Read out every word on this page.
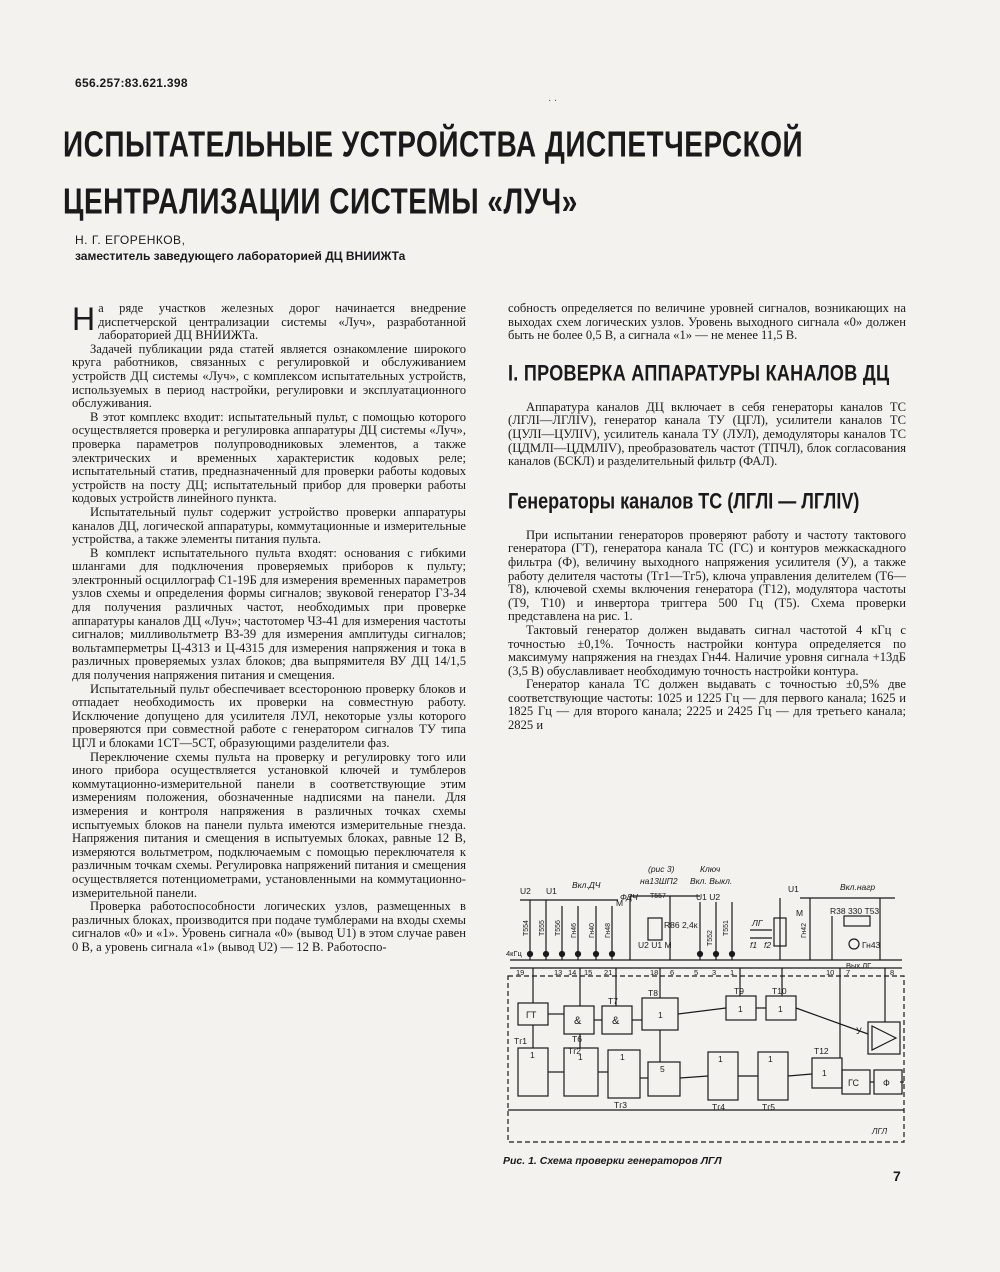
656.257:83.621.398
· ·
ИСПЫТАТЕЛЬНЫЕ УСТРОЙСТВА ДИСПЕТЧЕРСКОЙ
ЦЕНТРАЛИЗАЦИИ СИСТЕМЫ «ЛУЧ»
Н. Г. ЕГОРЕНКОВ,
заместитель заведующего лабораторией ДЦ ВНИИЖТа

На ряде участков железных дорог начинается внедрение диспетчерской централизации системы «Луч», разработанной лабораторией ДЦ ВНИИЖТа.

Задачей публикации ряда статей является ознакомление широкого круга работников, связанных с регулировкой и обслуживанием устройств ДЦ системы «Луч», с комплексом испытательных устройств, используемых в период настройки, регулировки и эксплуатационного обслуживания.

В этот комплекс входит: испытательный пульт, с помощью которого осуществляется проверка и регулировка аппаратуры ДЦ системы «Луч», проверка параметров полупроводниковых элементов, а также электрических и временных характеристик кодовых реле; испытательный статив, предназначенный для проверки работы кодовых устройств на посту ДЦ; испытательный прибор для проверки работы кодовых устройств линейного пункта.

Испытательный пульт содержит устройство проверки аппаратуры каналов ДЦ, логической аппаратуры, коммутационные и измерительные устройства, а также элементы питания пульта.

В комплект испытательного пульта входят: основания с гибкими шлангами для подключения проверяемых приборов к пульту; электронный осциллограф С1-19Б для измерения временных параметров узлов схемы и определения формы сигналов; звуковой генератор ГЗ-34 для получения различных частот, необходимых при проверке аппаратуры каналов ДЦ «Луч»; частотомер ЧЗ-41 для измерения частоты сигналов; милливольтметр ВЗ-39 для измерения амплитуды сигналов; вольтамперметры Ц-4313 и Ц-4315 для измерения напряжения и тока в различных проверяемых узлах блоков; два выпрямителя ВУ ДЦ 14/1,5 для получения напряжения питания и смещения.

Испытательный пульт обеспечивает всесторонюю проверку блоков и отпадает необходимость их проверки на совместную работу. Исключение допущено для усилителя ЛУЛ, некоторые узлы которого проверяются при совместной работе с генератором сигналов ТУ типа ЦГЛ и блоками 1СТ—5СТ, образующими разделители фаз.

Переключение схемы пульта на проверку и регулировку того или иного прибора осуществляется установкой ключей и тумблеров коммутационно-измерительной панели в соответствующие этим измерениям положения, обозначенные надписями на панели. Для измерения и контроля напряжения в различных точках схемы испытуемых блоков на панели пульта имеются измерительные гнезда. Напряжения питания и смещения в испытуемых блоках, равные 12 В, измеряются вольтметром, подключаемым с помощью переключателя к различным точкам схемы. Регулировка напряжений питания и смещения осуществляется потенциометрами, установленными на коммутационно-измерительной панели.

Проверка работоспособности логических узлов, размещенных в различных блоках, производится при подаче тумблерами на входы схемы сигналов «0» и «1». Уровень сигнала «0» (вывод U1) в этом случае равен 0 В, а уровень сигнала «1» (вывод U2) — 12 В. Работоспо-

собность определяется по величине уровней сигналов, возникающих на выходах схем логических узлов. Уровень выходного сигнала «0» должен быть не более 0,5 В, а сигнала «1» — не менее 11,5 В.

I. ПРОВЕРКА АППАРАТУРЫ КАНАЛОВ ДЦ

Аппаратура каналов ДЦ включает в себя генераторы каналов ТС (ЛГЛI—ЛГЛIV), генератор канала ТУ (ЦГЛ), усилители каналов ТС (ЦУЛI—ЦУЛIV), усилитель канала ТУ (ЛУЛ), демодуляторы каналов ТС (ЦДМЛI—ЦДМЛIV), преобразователь частот (ТПЧЛ), блок согласования каналов (БСКЛ) и разделительный фильтр (ФАЛ).

Генераторы каналов ТС (ЛГЛI — ЛГЛIV)

При испытании генераторов проверяют работу и частоту тактового генератора (ГТ), генератора канала ТС (ГС) и контуров межкаскадного фильтра (Ф), величину выходного напряжения усилителя (У), а также работу делителя частоты (Тг1—Тг5), ключа управления делителем (Т6—Т8), ключевой схемы включения генератора (Т12), модулятора частоты (Т9, Т10) и инвертора триггера 500 Гц (Т5). Схема проверки представлена на рис. 1.

Тактовый генератор должен выдавать сигнал частотой 4 кГц с точностью ±0,1%. Точность настройки контура определяется по максимуму напряжения на гнездах Гн44. Наличие уровня сигнала +13дБ (3,5 В) обуславливает необходимую точность настройки контура.

Генератор канала ТС должен выдавать с точностью ±0,5% две соответствующие частоты: 1025 и 1225 Гц — для первого канала; 1625 и 1825 Гц — для второго канала; 2225 и 2425 Гц — для третьего канала; 2825 и

U2 U1
Вкл.ДЧ
ФДЧ
(рис 3)
на13ШП2
Ключ
Вкл. Выкл.
U1 U2
U1
M
M
Вкл.нагр
R38 330 Т53
Гн43
Вых.ЛГ
R86 2,4к
U2 U1 M
ЛГ
f1 f2
4кГц
Т554 Т555 Т556 Гн46 Гн40 Гн48
Т557
Т551
Т552	Гн42
ГТ
ГС	Ф
У
ЛГЛ
Т6
Т7
Т8	Т9	Т10
Т12
Тг1
Тг2
Тг3	Тг4	Тг5
&	&	1
1	1
1
1	1	1	1	1
5
19	13 14 15 21	18 6	5 3 1	10 7	8
Рис. 1. Схема проверки генераторов ЛГЛ
7
